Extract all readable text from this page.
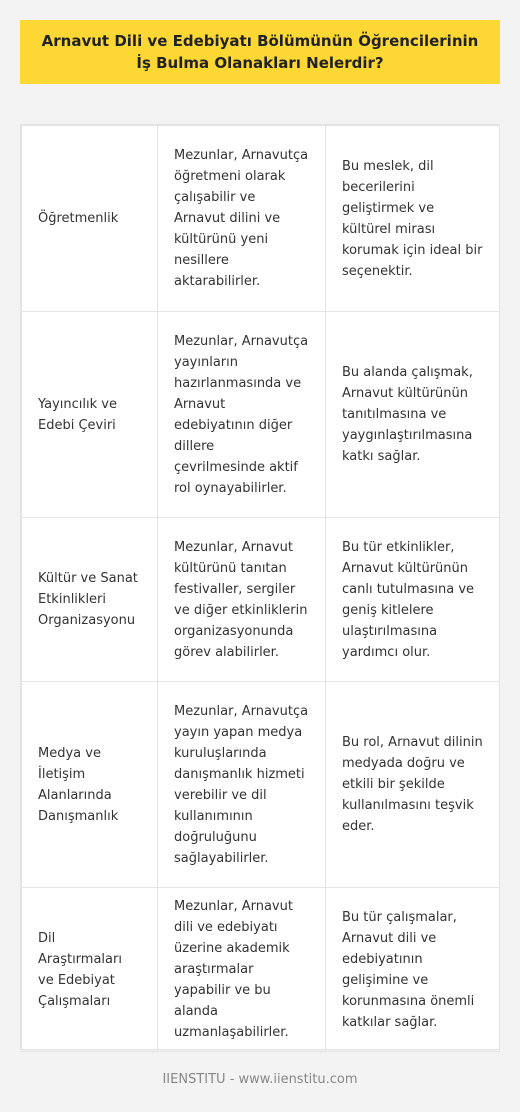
Arnavut Dili ve Edebiyatı Bölümünün Öğrencilerinin İş Bulma Olanakları Nelerdir?
Öğretmenlik	Mezunlar, Arnavutça öğretmeni olarak çalışabilir ve Arnavut dilini ve kültürünü yeni nesillere aktarabilirler.	Bu meslek, dil becerilerini geliştirmek ve kültürel mirası korumak için ideal bir seçenektir.
Yayıncılık ve Edebi Çeviri	Mezunlar, Arnavutça yayınların hazırlanmasında ve Arnavut edebiyatının diğer dillere çevrilmesinde aktif rol oynayabilirler.	Bu alanda çalışmak, Arnavut kültürünün tanıtılmasına ve yaygınlaştırılmasına katkı sağlar.
Kültür ve Sanat Etkinlikleri Organizasyonu	Mezunlar, Arnavut kültürünü tanıtan festivaller, sergiler ve diğer etkinliklerin organizasyonunda görev alabilirler.	Bu tür etkinlikler, Arnavut kültürünün canlı tutulmasına ve geniş kitlelere ulaştırılmasına yardımcı olur.
Medya ve İletişim Alanlarında Danışmanlık	Mezunlar, Arnavutça yayın yapan medya kuruluşlarında danışmanlık hizmeti verebilir ve dil kullanımının doğruluğunu sağlayabilirler.	Bu rol, Arnavut dilinin medyada doğru ve etkili bir şekilde kullanılmasını teşvik eder.
Dil Araştırmaları ve Edebiyat Çalışmaları	Mezunlar, Arnavut dili ve edebiyatı üzerine akademik araştırmalar yapabilir ve bu alanda uzmanlaşabilirler.	Bu tür çalışmalar, Arnavut dili ve edebiyatının gelişimine ve korunmasına önemli katkılar sağlar.
IIENSTITU - www.iienstitu.com
